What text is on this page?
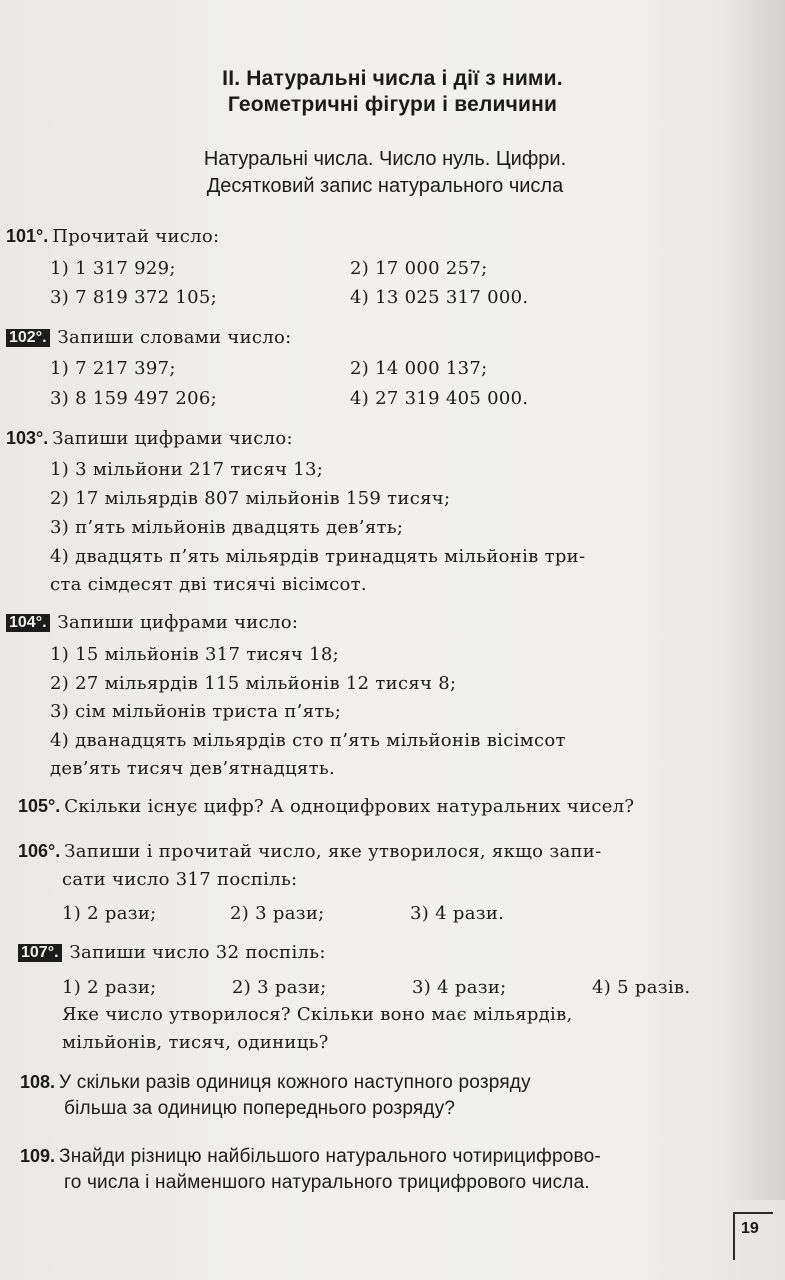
ІІ. Натуральні числа і дії з ними.
Геометричні фігури і величини
Натуральні числа. Число нуль. Цифри.
Десятковий запис натурального числа
101°. Прочитай число:
1) 1 317 929;	2) 17 000 257;
3) 7 819 372 105;	4) 13 025 317 000.
102°. Запиши словами число:
1) 7 217 397;	2) 14 000 137;
3) 8 159 497 206;	4) 27 319 405 000.
103°. Запиши цифрами число:
1) 3 мільйони 217 тисяч 13;
2) 17 мільярдів 807 мільйонів 159 тисяч;
3) п’ять мільйонів двадцять дев’ять;
4) двадцять п’ять мільярдів тринадцять мільйонів три-
ста сімдесят дві тисячі вісімсот.
104°. Запиши цифрами число:
1) 15 мільйонів 317 тисяч 18;
2) 27 мільярдів 115 мільйонів 12 тисяч 8;
3) сім мільйонів триста п’ять;
4) дванадцять мільярдів сто п’ять мільйонів вісімсот
дев’ять тисяч дев’ятнадцять.
105°. Скільки існує цифр? А одноцифрових натуральних чисел?
106°. Запиши і прочитай число, яке утворилося, якщо запи-
сати число 317 поспіль:
1) 2 рази;	2) 3 рази;	3) 4 рази.
107°. Запиши число 32 поспіль:
1) 2 рази;	2) 3 рази;	3) 4 рази;	4) 5 разів.
Яке число утворилося? Скільки воно має мільярдів,
мільйонів, тисяч, одиниць?
108. У скільки разів одиниця кожного наступного розряду
більша за одиницю попереднього розряду?
109. Знайди різницю найбільшого натурального чотирицифрово-
го числа і найменшого натурального трицифрового числа.
19
